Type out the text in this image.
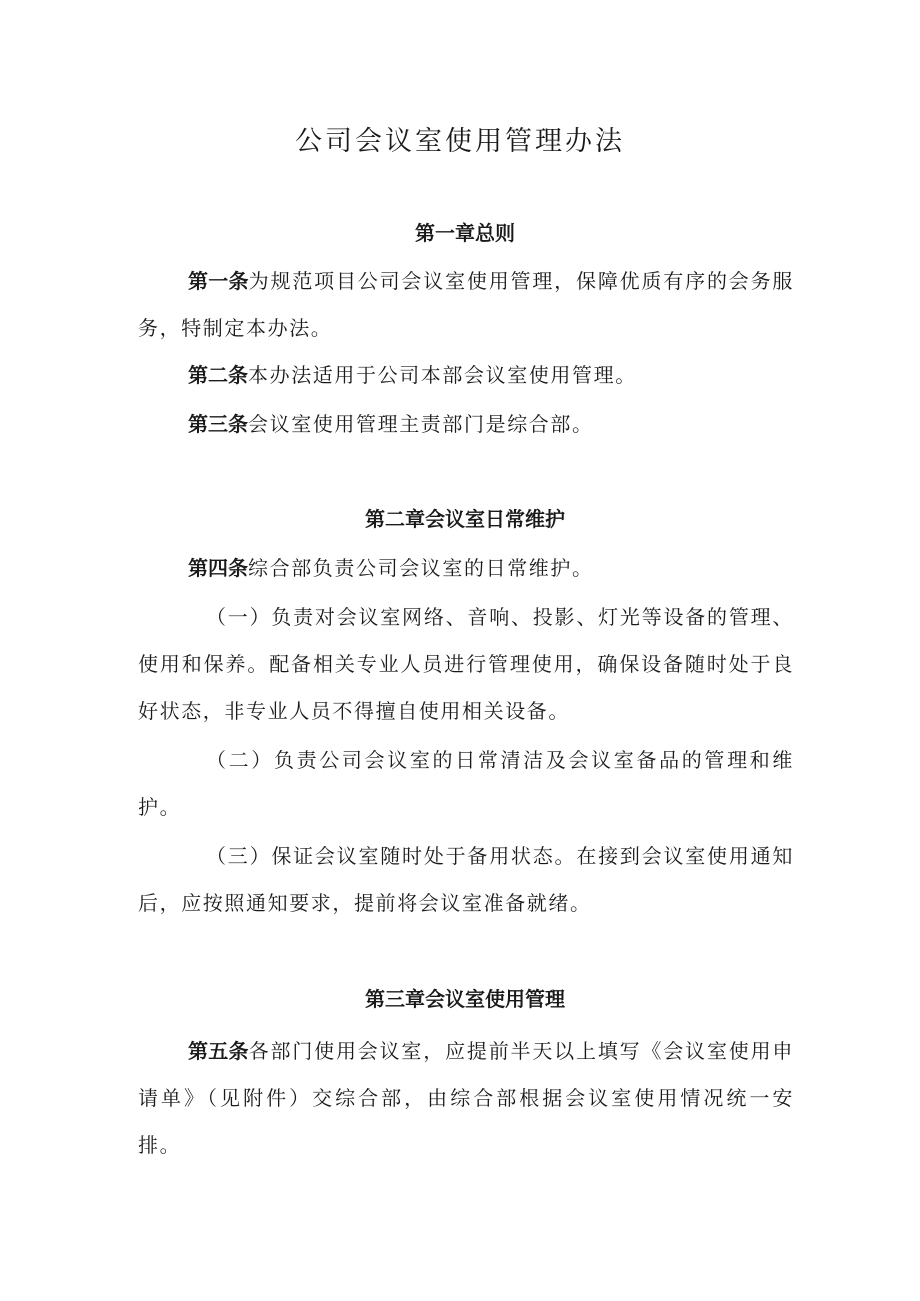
公司会议室使用管理办法
第一章总则

第一条为规范项目公司会议室使用管理，保障优质有序的会务服务，特制定本办法。

第二条本办法适用于公司本部会议室使用管理。

第三条会议室使用管理主责部门是综合部。

第二章会议室日常维护

第四条综合部负责公司会议室的日常维护。

（一）负责对会议室网络、音响、投影、灯光等设备的管理、使用和保养。配备相关专业人员进行管理使用，确保设备随时处于良好状态，非专业人员不得擅自使用相关设备。

（二）负责公司会议室的日常清洁及会议室备品的管理和维护。

（三）保证会议室随时处于备用状态。在接到会议室使用通知后，应按照通知要求，提前将会议室准备就绪。

第三章会议室使用管理

第五条各部门使用会议室，应提前半天以上填写《会议室使用申请单》（见附件）交综合部，由综合部根据会议室使用情况统一安排。
